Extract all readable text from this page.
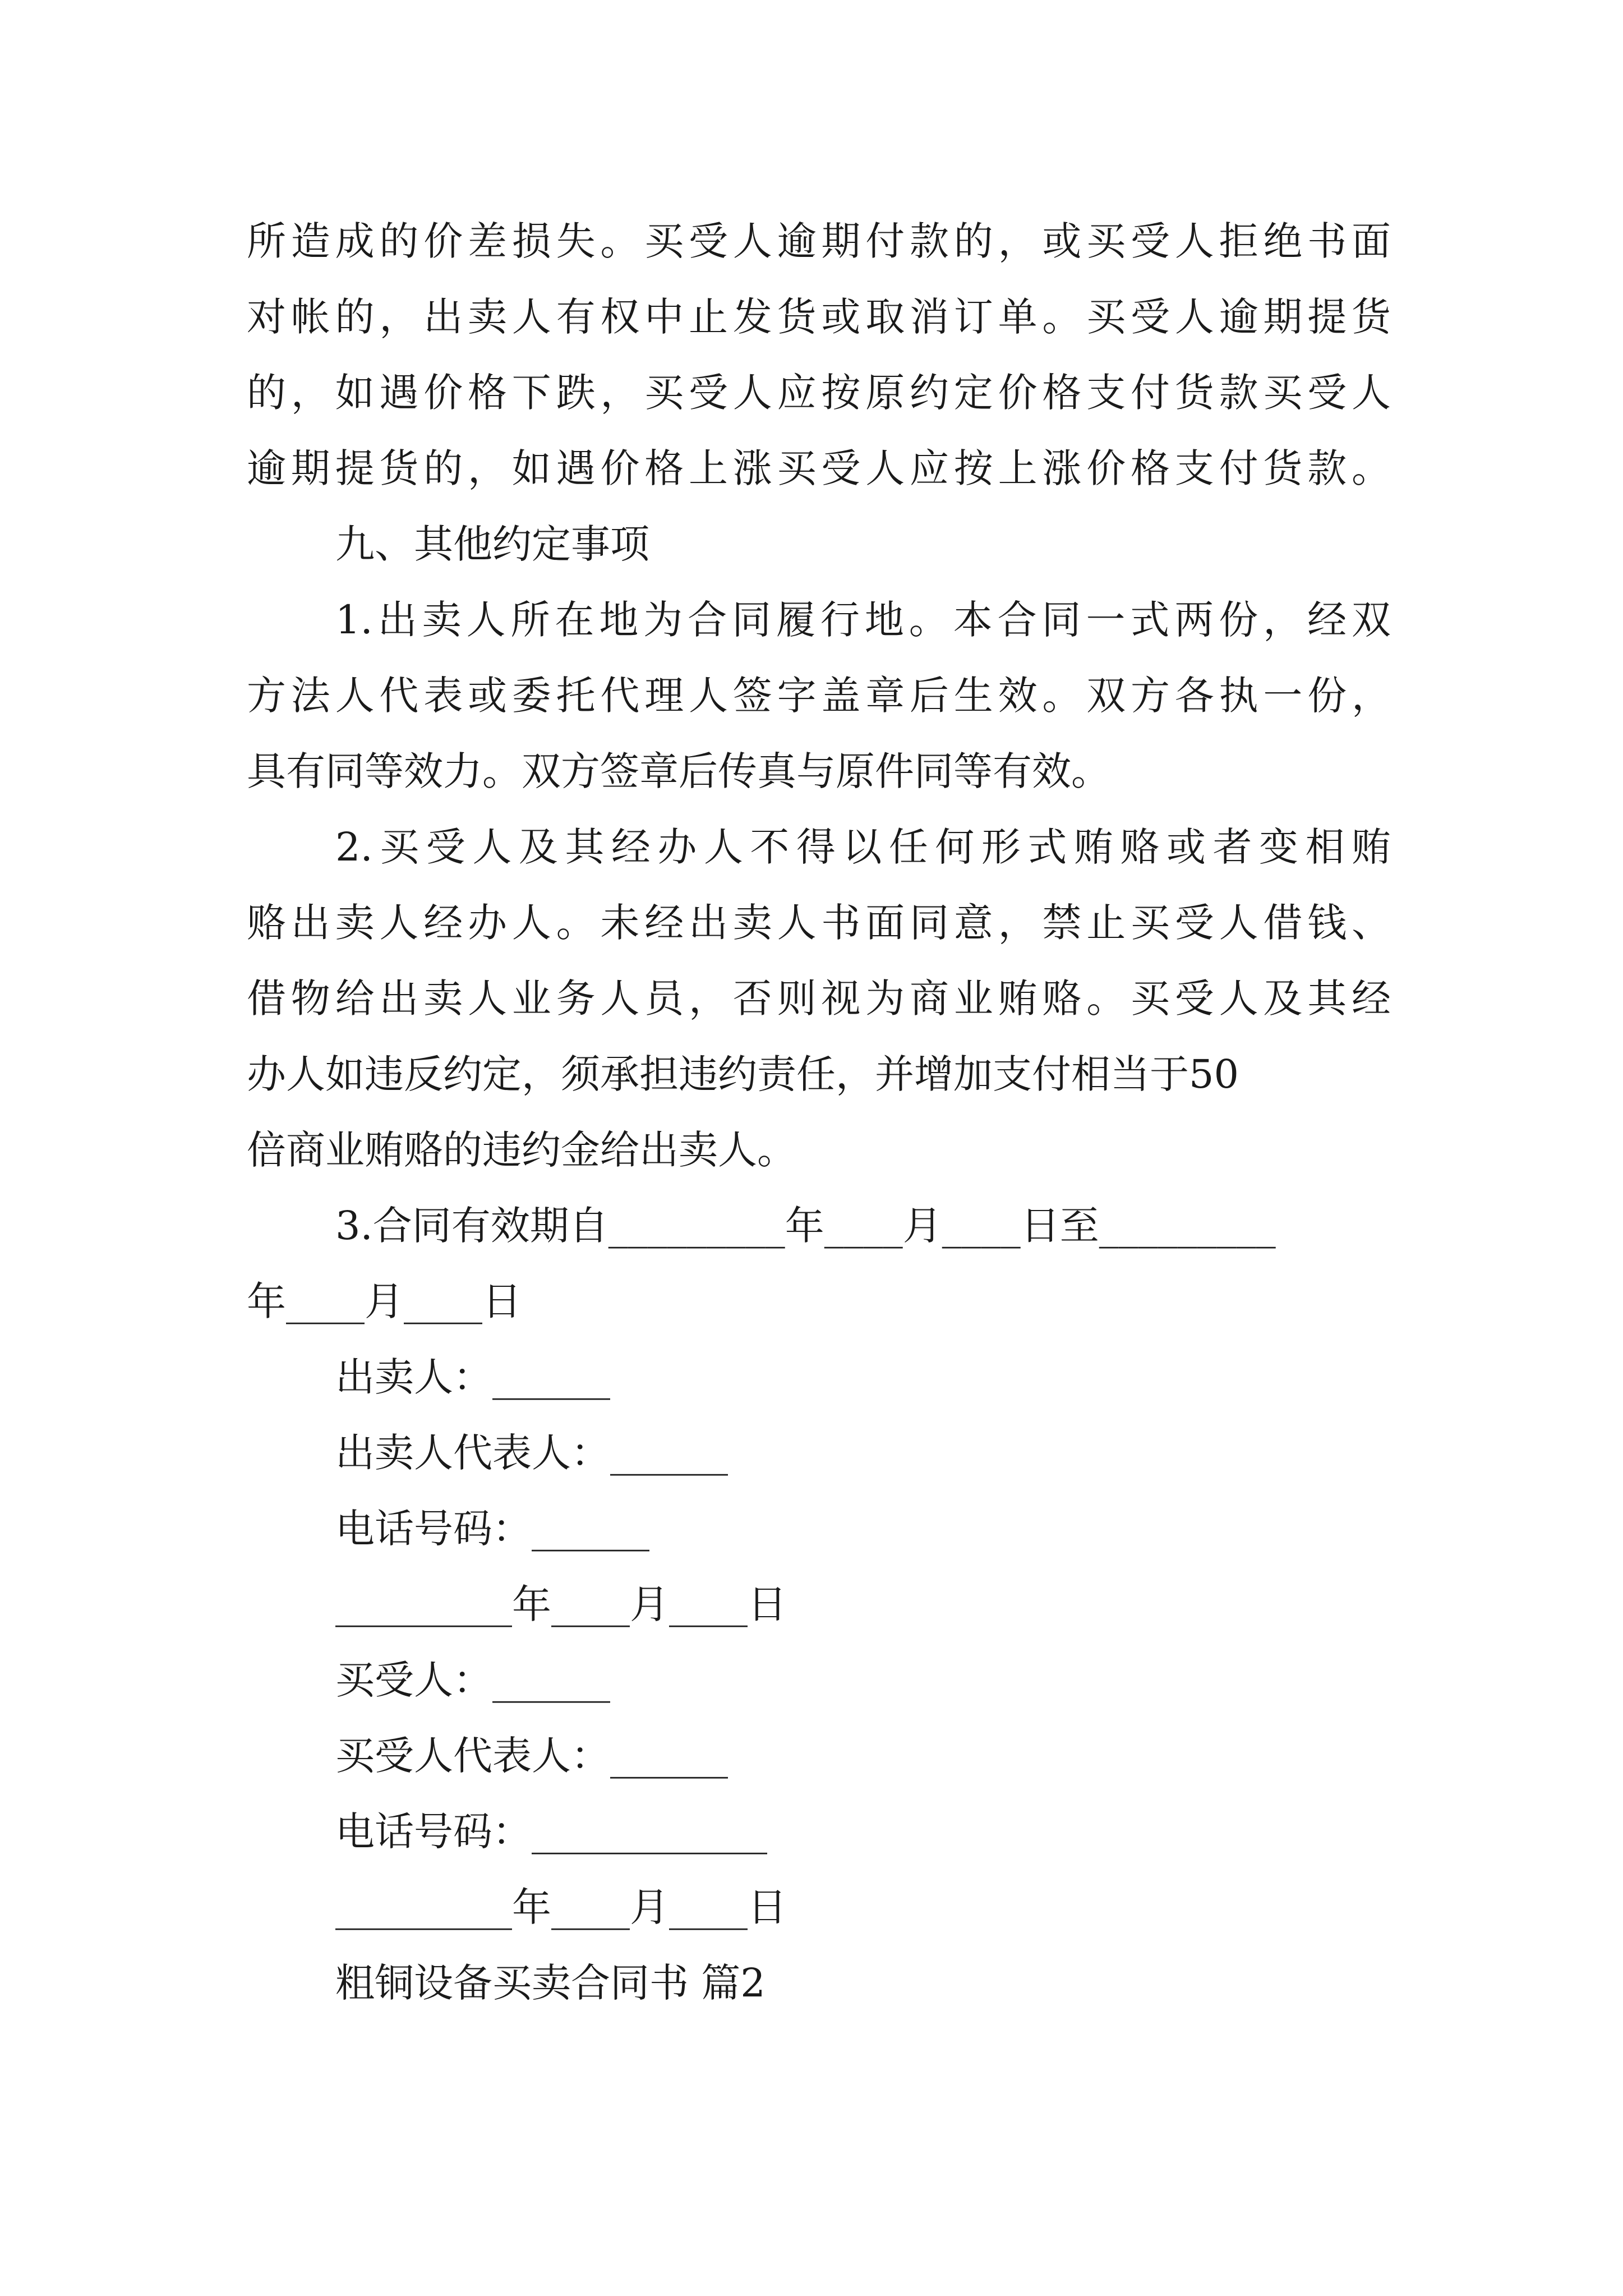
所造成的价差损失。买受人逾期付款的，或买受人拒绝书面
对帐的，出卖人有权中止发货或取消订单。买受人逾期提货
的，如遇价格下跌，买受人应按原约定价格支付货款买受人
逾期提货的，如遇价格上涨买受人应按上涨价格支付货款。
九、其他约定事项
1.出卖人所在地为合同履行地。本合同一式两份，经双
方法人代表或委托代理人签字盖章后生效。双方各执一份，
具有同等效力。双方签章后传真与原件同等有效。
2.买受人及其经办人不得以任何形式贿赂或者变相贿
赂出卖人经办人。未经出卖人书面同意，禁止买受人借钱、
借物给出卖人业务人员，否则视为商业贿赂。买受人及其经
办人如违反约定，须承担违约责任，并增加支付相当于50
倍商业贿赂的违约金给出卖人。
3.合同有效期自_________年____月____日至_________
年____月____日
出卖人：______
出卖人代表人：______
电话号码：______
_________年____月____日
买受人：______
买受人代表人：______
电话号码：____________
_________年____月____日
粗铜设备买卖合同书 篇2
